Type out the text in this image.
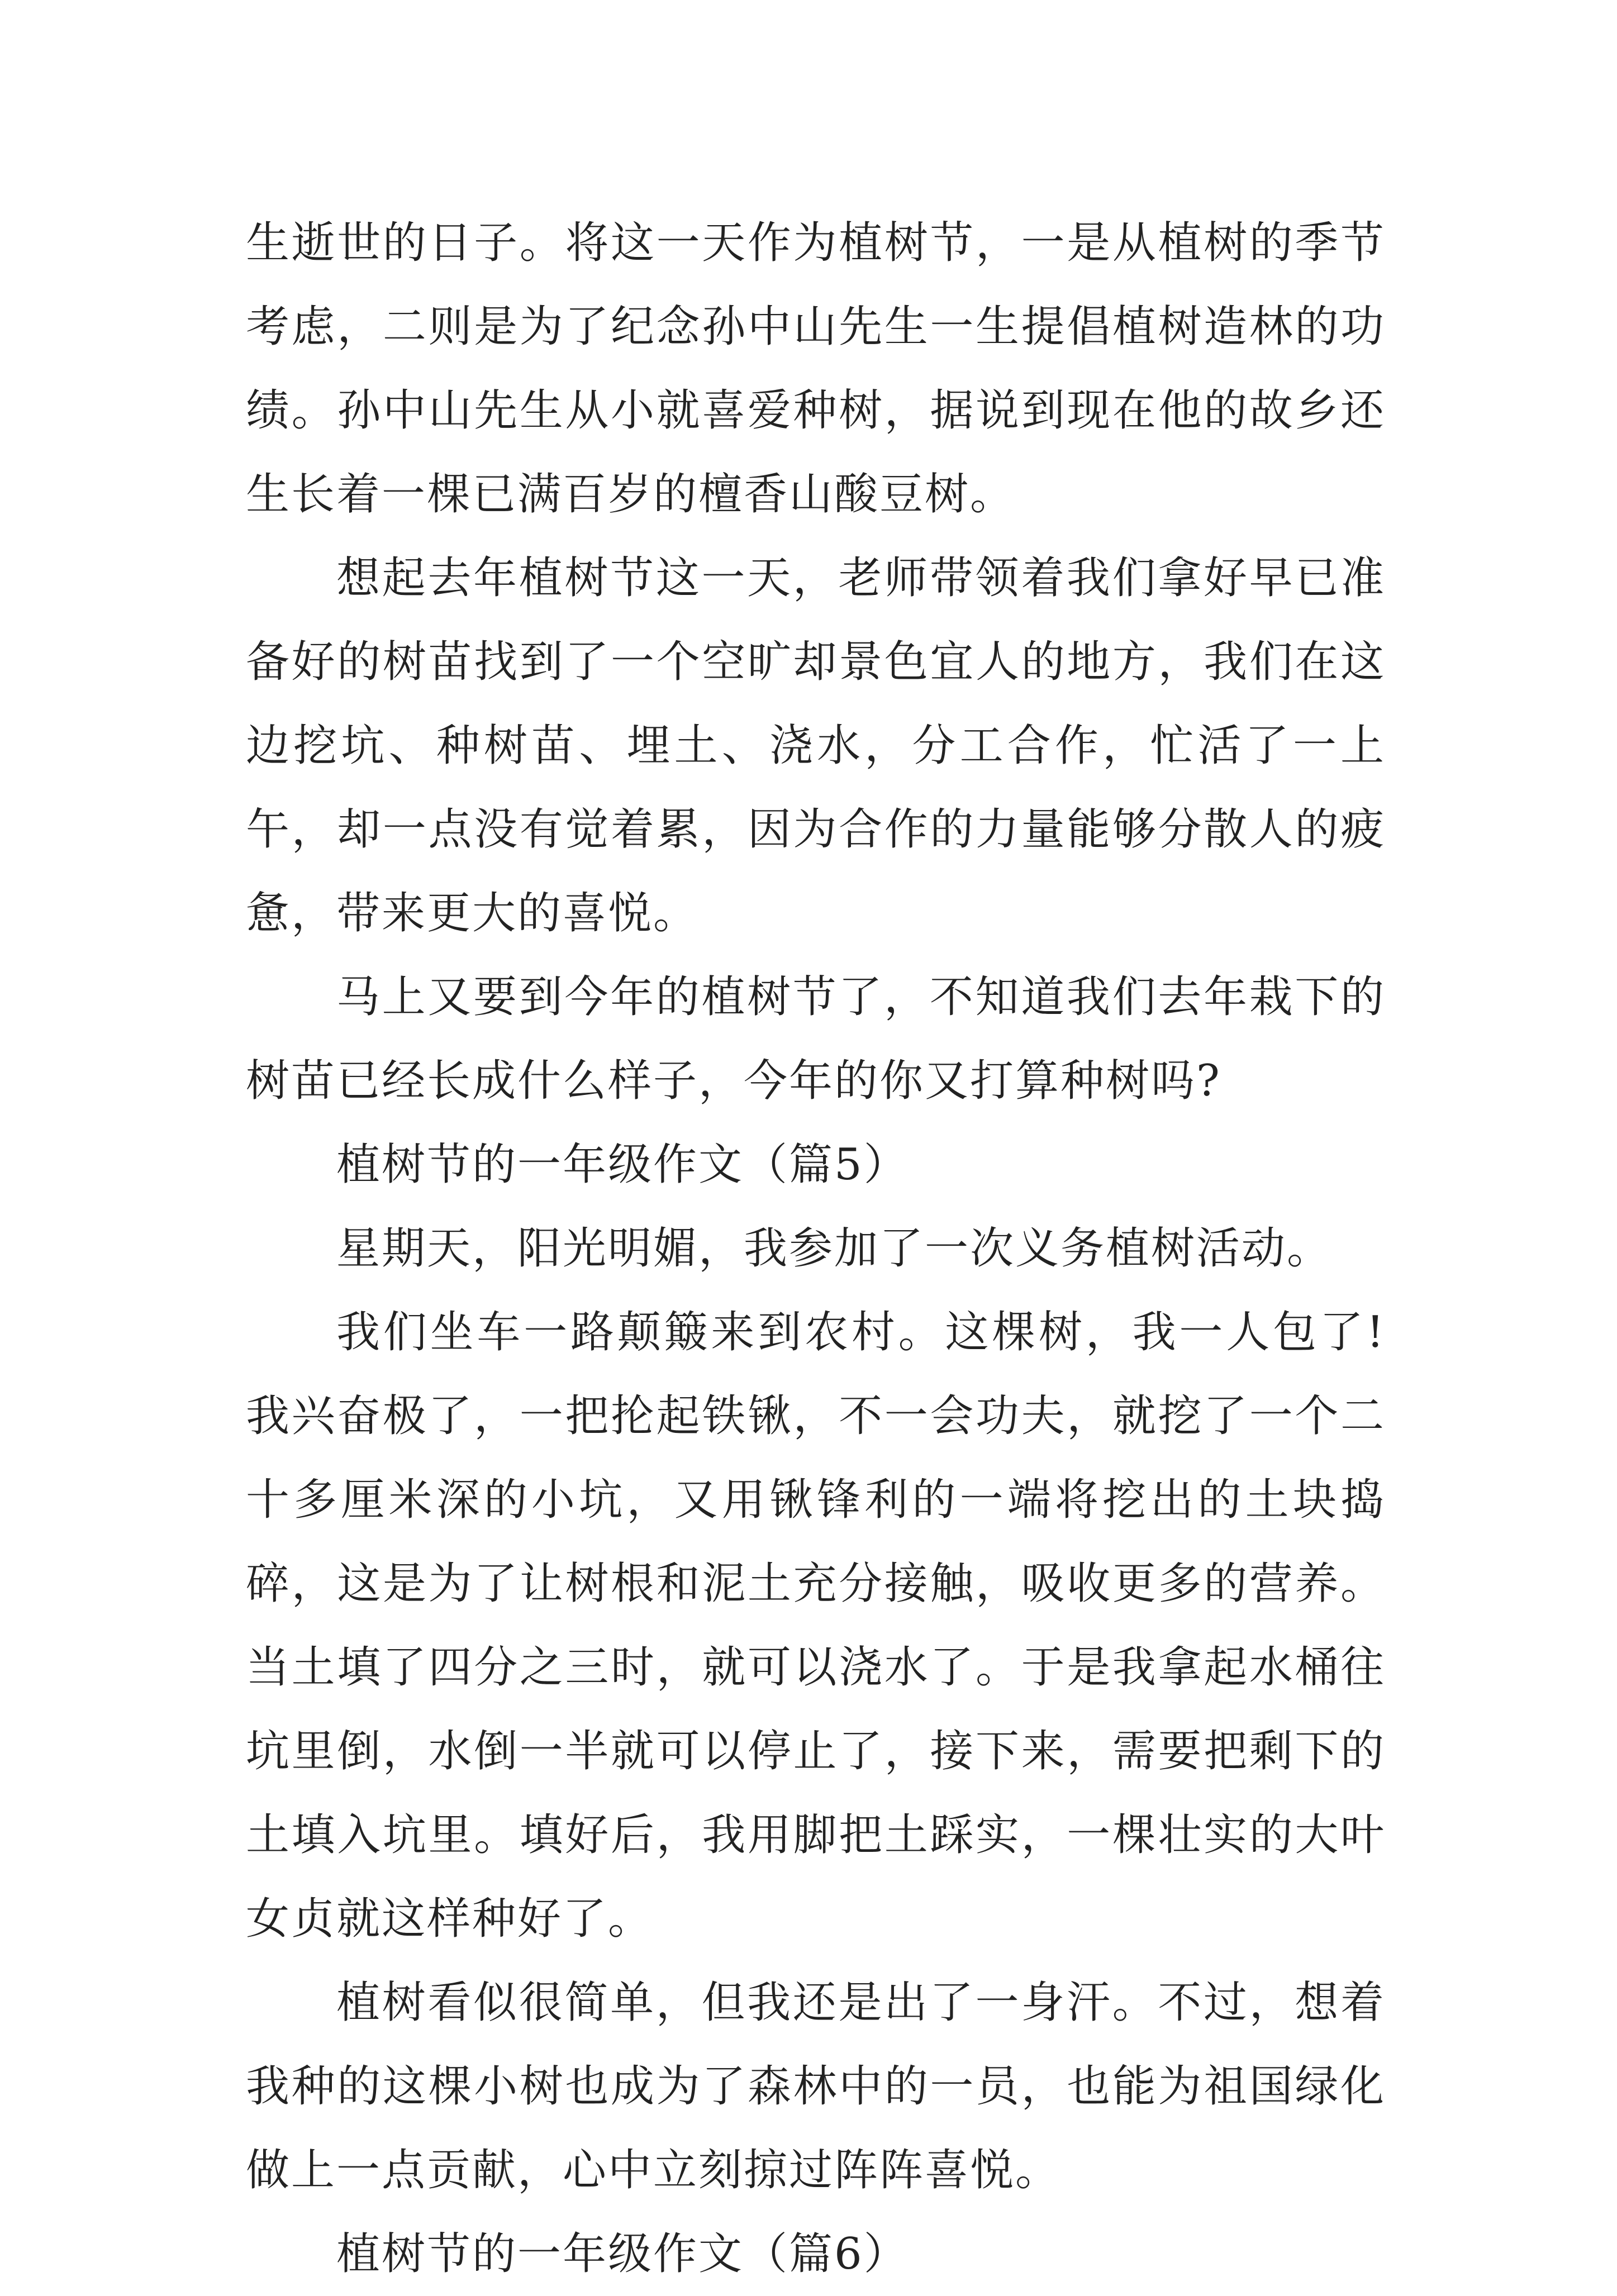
生逝世的日子。将这一天作为植树节，一是从植树的季节考虑，二则是为了纪念孙中山先生一生提倡植树造林的功绩。孙中山先生从小就喜爱种树，据说到现在他的故乡还生长着一棵已满百岁的檀香山酸豆树。

想起去年植树节这一天，老师带领着我们拿好早已准备好的树苗找到了一个空旷却景色宜人的地方，我们在这边挖坑、种树苗、埋土、浇水，分工合作，忙活了一上午，却一点没有觉着累，因为合作的力量能够分散人的疲惫，带来更大的喜悦。

马上又要到今年的植树节了，不知道我们去年栽下的树苗已经长成什么样子，今年的你又打算种树吗?

植树节的一年级作文（篇5）

星期天，阳光明媚，我参加了一次义务植树活动。

我们坐车一路颠簸来到农村。这棵树，我一人包了!我兴奋极了，一把抡起铁锹，不一会功夫，就挖了一个二十多厘米深的小坑，又用锹锋利的一端将挖出的土块捣碎，这是为了让树根和泥土充分接触，吸收更多的营养。当土填了四分之三时，就可以浇水了。于是我拿起水桶往坑里倒，水倒一半就可以停止了，接下来，需要把剩下的土填入坑里。填好后，我用脚把土踩实，一棵壮实的大叶女贞就这样种好了。

植树看似很简单，但我还是出了一身汗。不过，想着我种的这棵小树也成为了森林中的一员，也能为祖国绿化做上一点贡献，心中立刻掠过阵阵喜悦。

植树节的一年级作文（篇6）
